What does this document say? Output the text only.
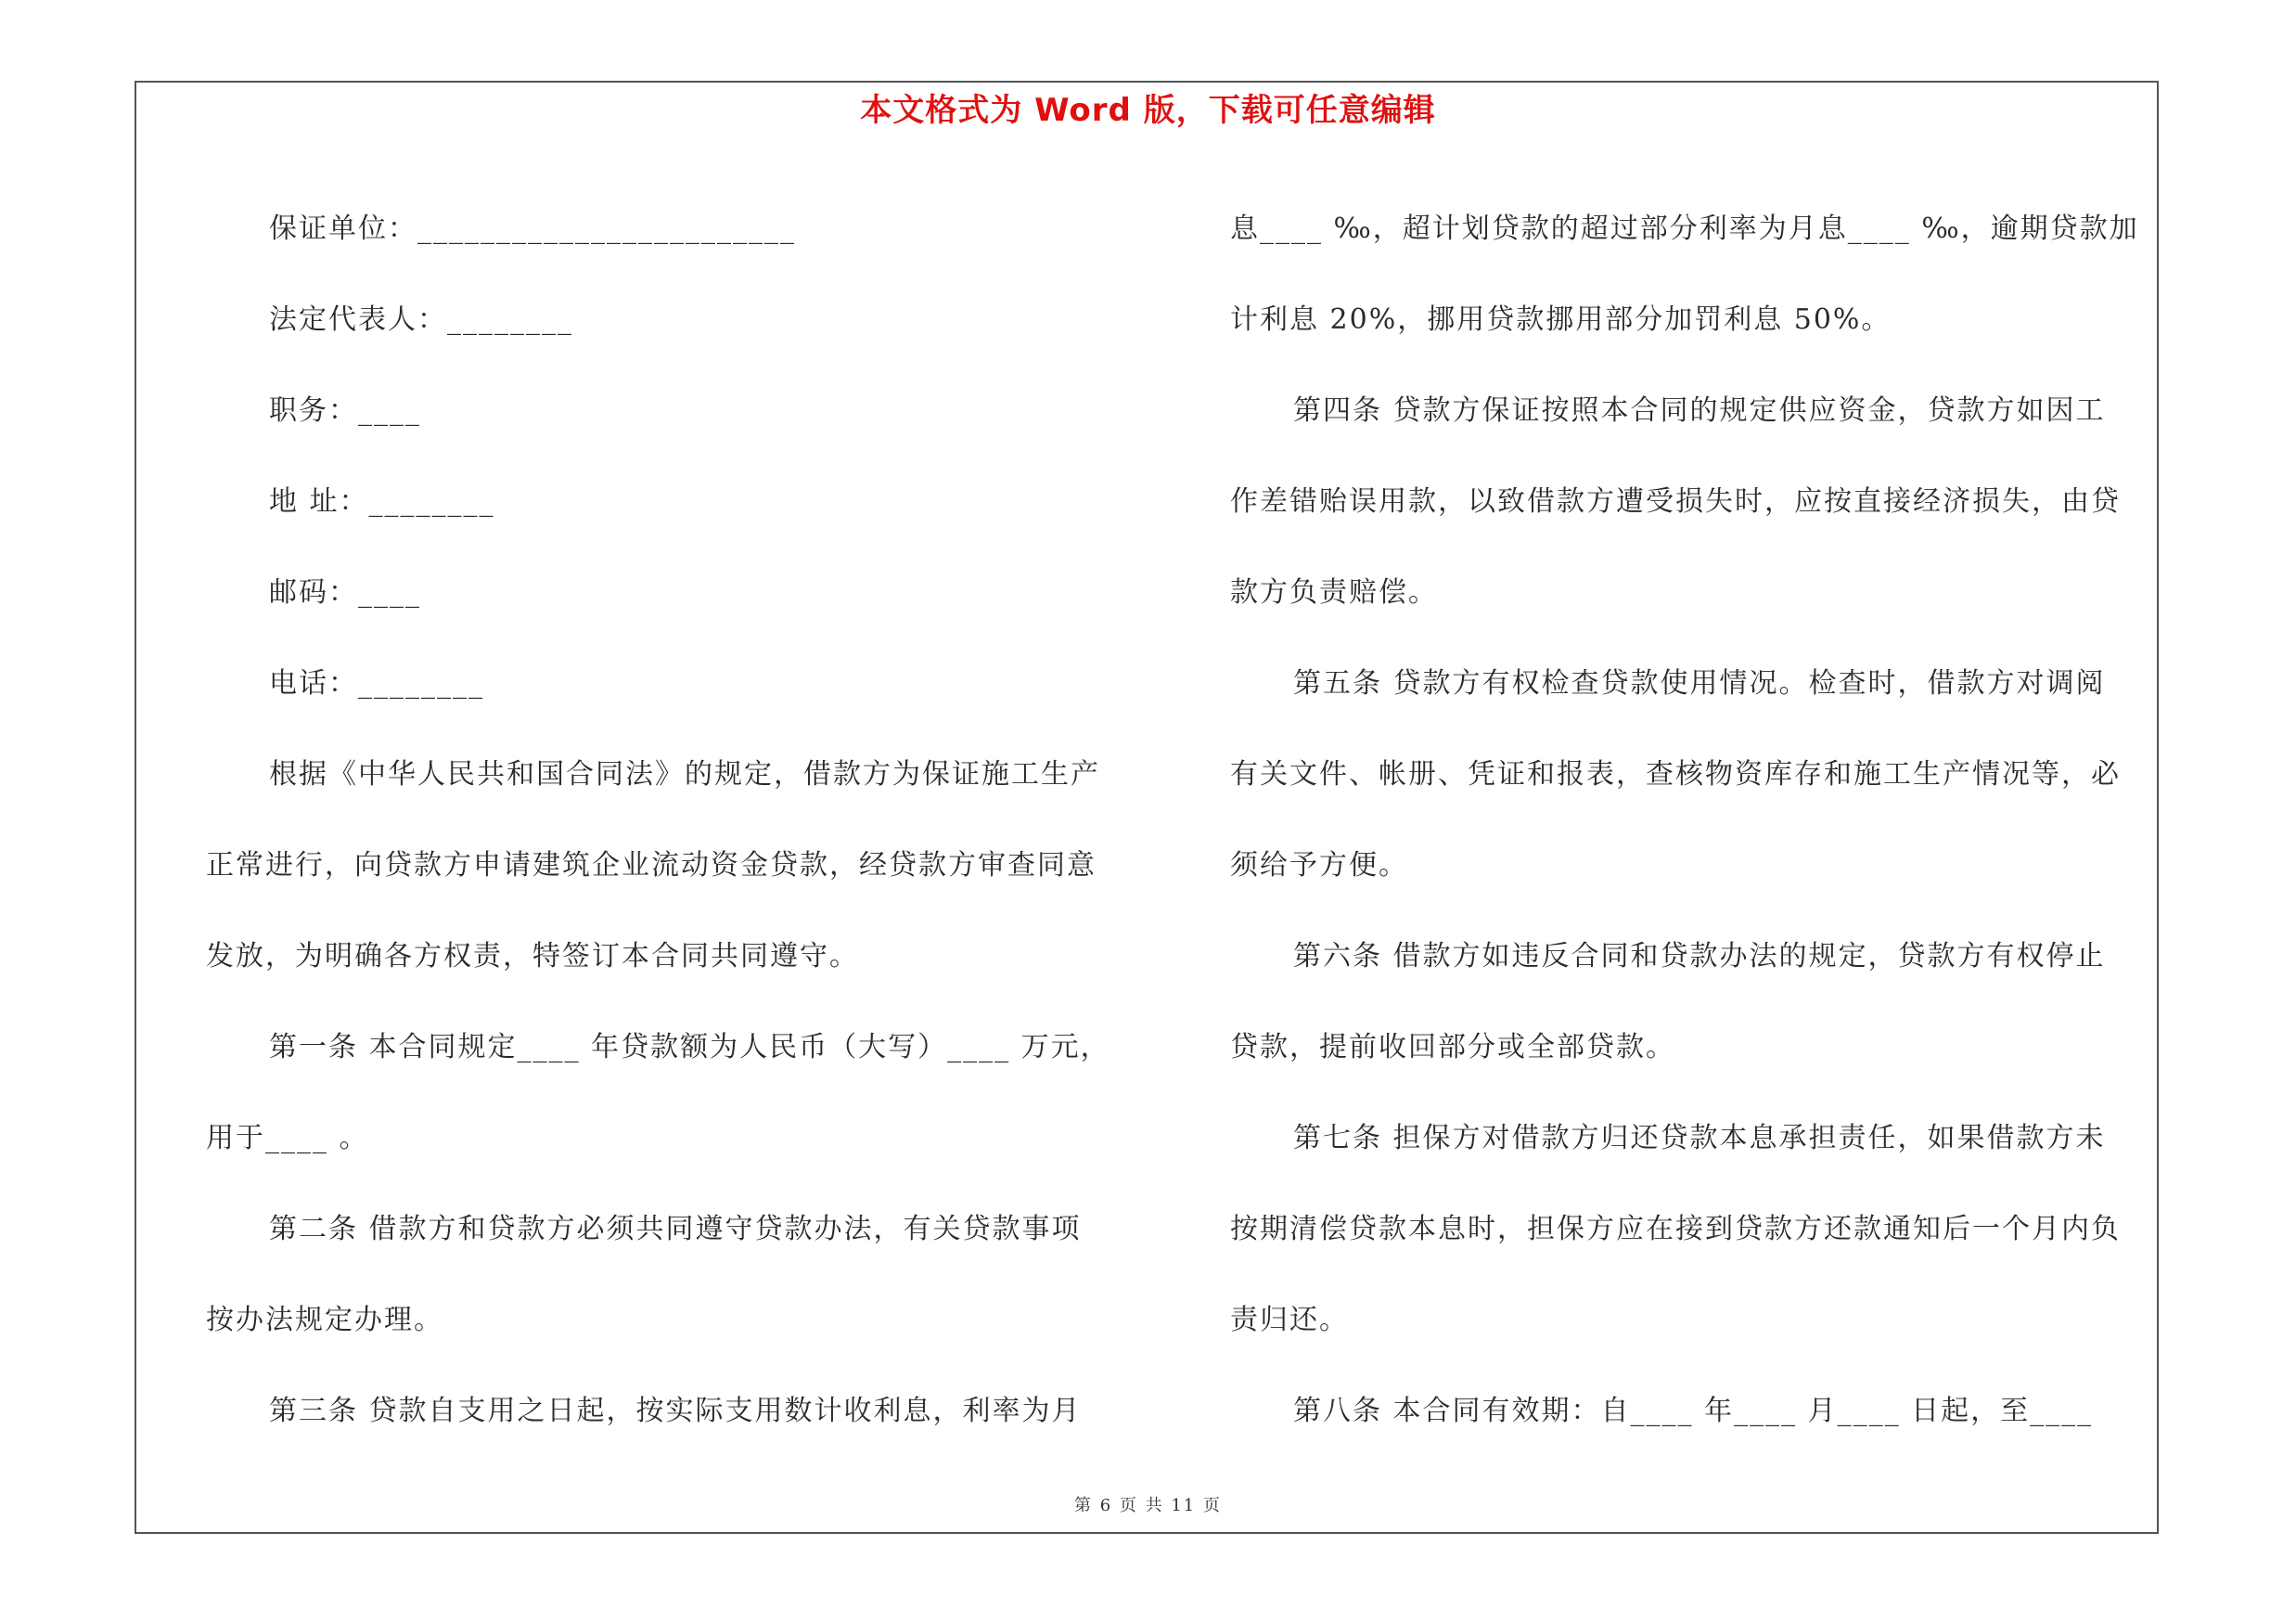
本文格式为 Word 版，下载可任意编辑
保证单位：________________________
法定代表人：________
职务：____
地 址：________
邮码：____
电话：________
根据《中华人民共和国合同法》的规定，借款方为保证施工生产
正常进行，向贷款方申请建筑企业流动资金贷款，经贷款方审查同意
发放，为明确各方权责，特签订本合同共同遵守。
第一条 本合同规定____ 年贷款额为人民币（大写）____ 万元，
用于____ 。
第二条 借款方和贷款方必须共同遵守贷款办法，有关贷款事项
按办法规定办理。
第三条 贷款自支用之日起，按实际支用数计收利息，利率为月
息____ ‰，超计划贷款的超过部分利率为月息____ ‰，逾期贷款加
计利息 20%，挪用贷款挪用部分加罚利息 50%。
第四条 贷款方保证按照本合同的规定供应资金，贷款方如因工
作差错贻误用款，以致借款方遭受损失时，应按直接经济损失，由贷
款方负责赔偿。
第五条 贷款方有权检查贷款使用情况。检查时，借款方对调阅
有关文件、帐册、凭证和报表，查核物资库存和施工生产情况等，必
须给予方便。
第六条 借款方如违反合同和贷款办法的规定，贷款方有权停止
贷款，提前收回部分或全部贷款。
第七条 担保方对借款方归还贷款本息承担责任，如果借款方未
按期清偿贷款本息时，担保方应在接到贷款方还款通知后一个月内负
责归还。
第八条 本合同有效期：自____ 年____ 月____ 日起，至____
第 6 页 共 11 页
